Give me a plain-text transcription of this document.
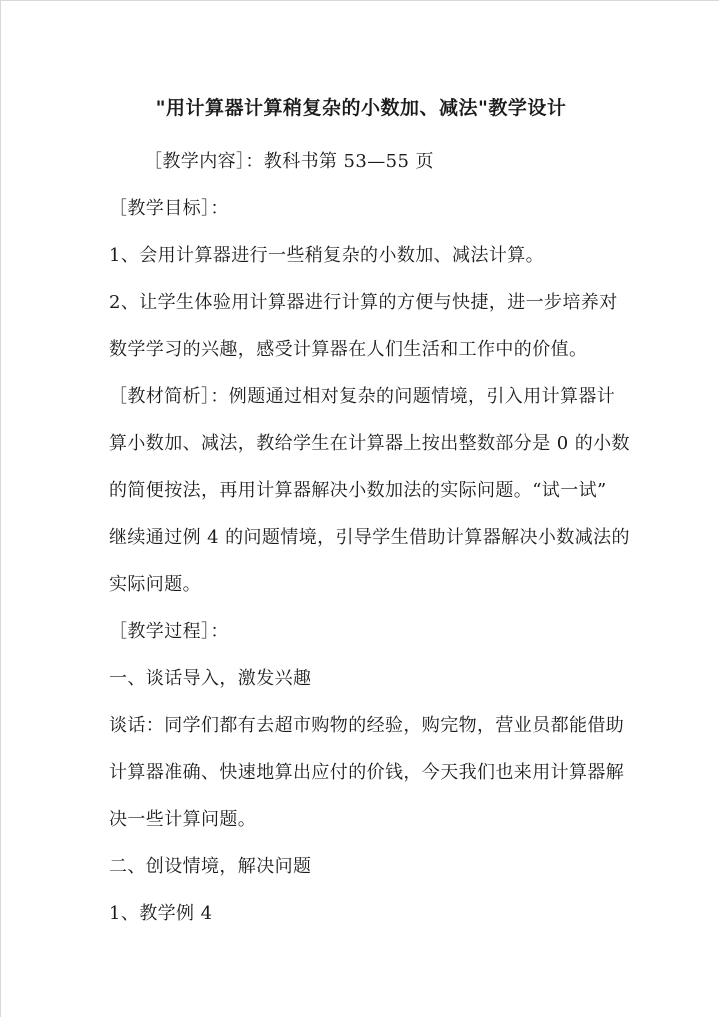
"用计算器计算稍复杂的小数加、减法"教学设计
［教学内容］：教科书第 53—55 页
［教学目标］：
1、会用计算器进行一些稍复杂的小数加、减法计算。
2、让学生体验用计算器进行计算的方便与快捷，进一步培养对
数学学习的兴趣，感受计算器在人们生活和工作中的价值。
［教材简析］：例题通过相对复杂的问题情境，引入用计算器计
算小数加、减法，教给学生在计算器上按出整数部分是 0 的小数
的简便按法，再用计算器解决小数加法的实际问题。“试一试”
继续通过例 4 的问题情境，引导学生借助计算器解决小数减法的
实际问题。
［教学过程］：
一、谈话导入，激发兴趣
谈话：同学们都有去超市购物的经验，购完物，营业员都能借助
计算器准确、快速地算出应付的价钱，今天我们也来用计算器解
决一些计算问题。
二、创设情境，解决问题
1、教学例 4
